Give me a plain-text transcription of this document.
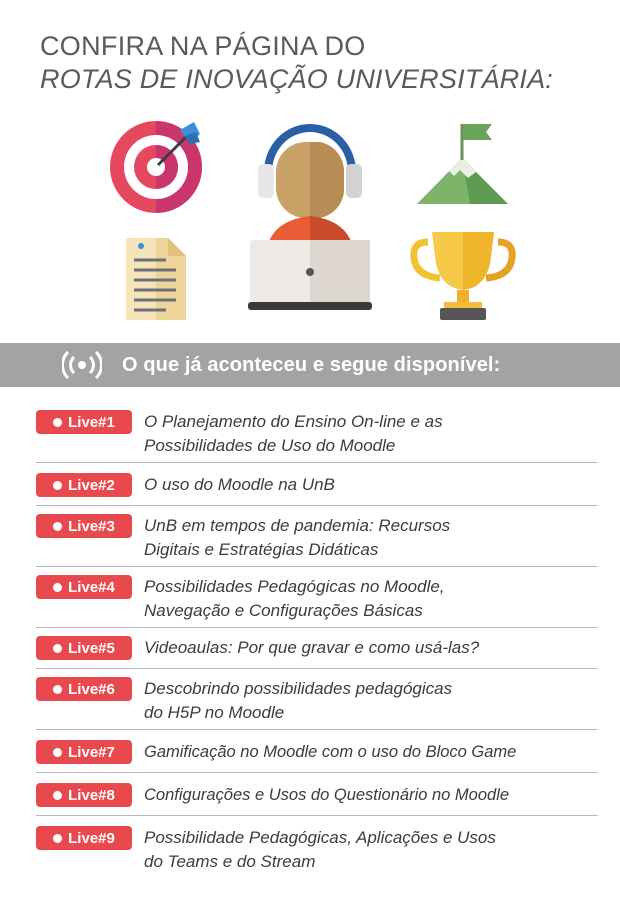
CONFIRA NA PÁGINA DO
ROTAS DE INOVAÇÃO UNIVERSITÁRIA:
O que já aconteceu e segue disponível:
Live#1 O Planejamento do Ensino On-line e as
Possibilidades de Uso do Moodle
Live#2 O uso do Moodle na UnB
Live#3 UnB em tempos de pandemia: Recursos
Digitais e Estratégias Didáticas
Live#4 Possibilidades Pedagógicas no Moodle,
Navegação e Configurações Básicas
Live#5 Videoaulas: Por que gravar e como usá-las?
Live#6 Descobrindo possibilidades pedagógicas
do H5P no Moodle
Live#7 Gamificação no Moodle com o uso do Bloco Game
Live#8 Configurações e Usos do Questionário no Moodle
Live#9 Possibilidade Pedagógicas, Aplicações e Usos
do Teams e do Stream
